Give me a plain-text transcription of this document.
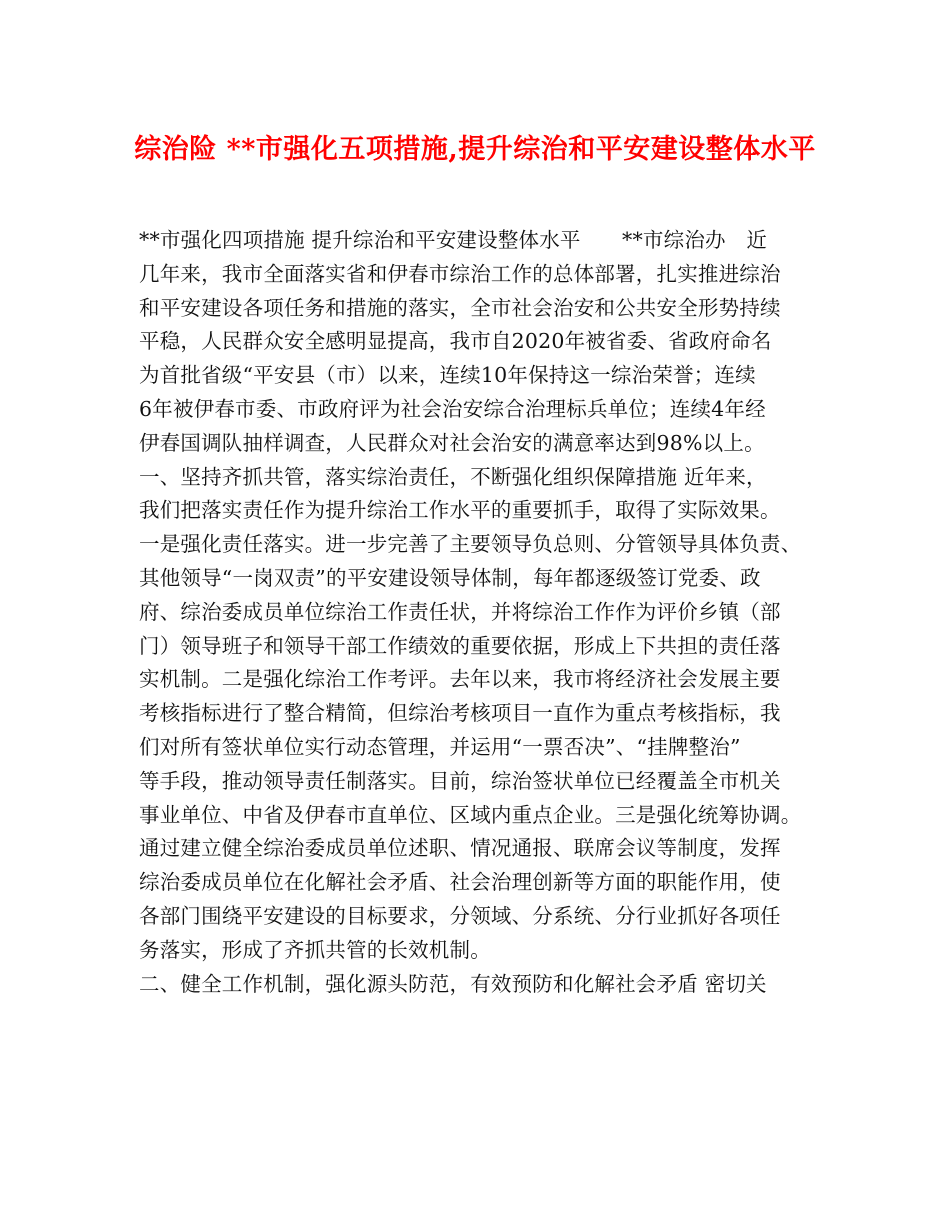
综治险 **市强化五项措施,提升综治和平安建设整体水平
**市强化四项措施 提升综治和平安建设整体水平　　**市综治办　近
几年来，我市全面落实省和伊春市综治工作的总体部署，扎实推进综治
和平安建设各项任务和措施的落实，全市社会治安和公共安全形势持续
平稳，人民群众安全感明显提高，我市自2020年被省委、省政府命名
为首批省级“平安县（市）以来，连续10年保持这一综治荣誉；连续
6年被伊春市委、市政府评为社会治安综合治理标兵单位；连续4年经
伊春国调队抽样调查，人民群众对社会治安的满意率达到98%以上。
一、坚持齐抓共管，落实综治责任，不断强化组织保障措施 近年来，
我们把落实责任作为提升综治工作水平的重要抓手，取得了实际效果。
一是强化责任落实。进一步完善了主要领导负总则、分管领导具体负责、
其他领导“一岗双责”的平安建设领导体制，每年都逐级签订党委、政
府、综治委成员单位综治工作责任状，并将综治工作作为评价乡镇（部
门）领导班子和领导干部工作绩效的重要依据，形成上下共担的责任落
实机制。二是强化综治工作考评。去年以来，我市将经济社会发展主要
考核指标进行了整合精简，但综治考核项目一直作为重点考核指标，我
们对所有签状单位实行动态管理，并运用“一票否决”、“挂牌整治”
等手段，推动领导责任制落实。目前，综治签状单位已经覆盖全市机关
事业单位、中省及伊春市直单位、区域内重点企业。三是强化统筹协调。
通过建立健全综治委成员单位述职、情况通报、联席会议等制度，发挥
综治委成员单位在化解社会矛盾、社会治理创新等方面的职能作用，使
各部门围绕平安建设的目标要求，分领域、分系统、分行业抓好各项任
务落实，形成了齐抓共管的长效机制。
二、健全工作机制，强化源头防范，有效预防和化解社会矛盾 密切关
